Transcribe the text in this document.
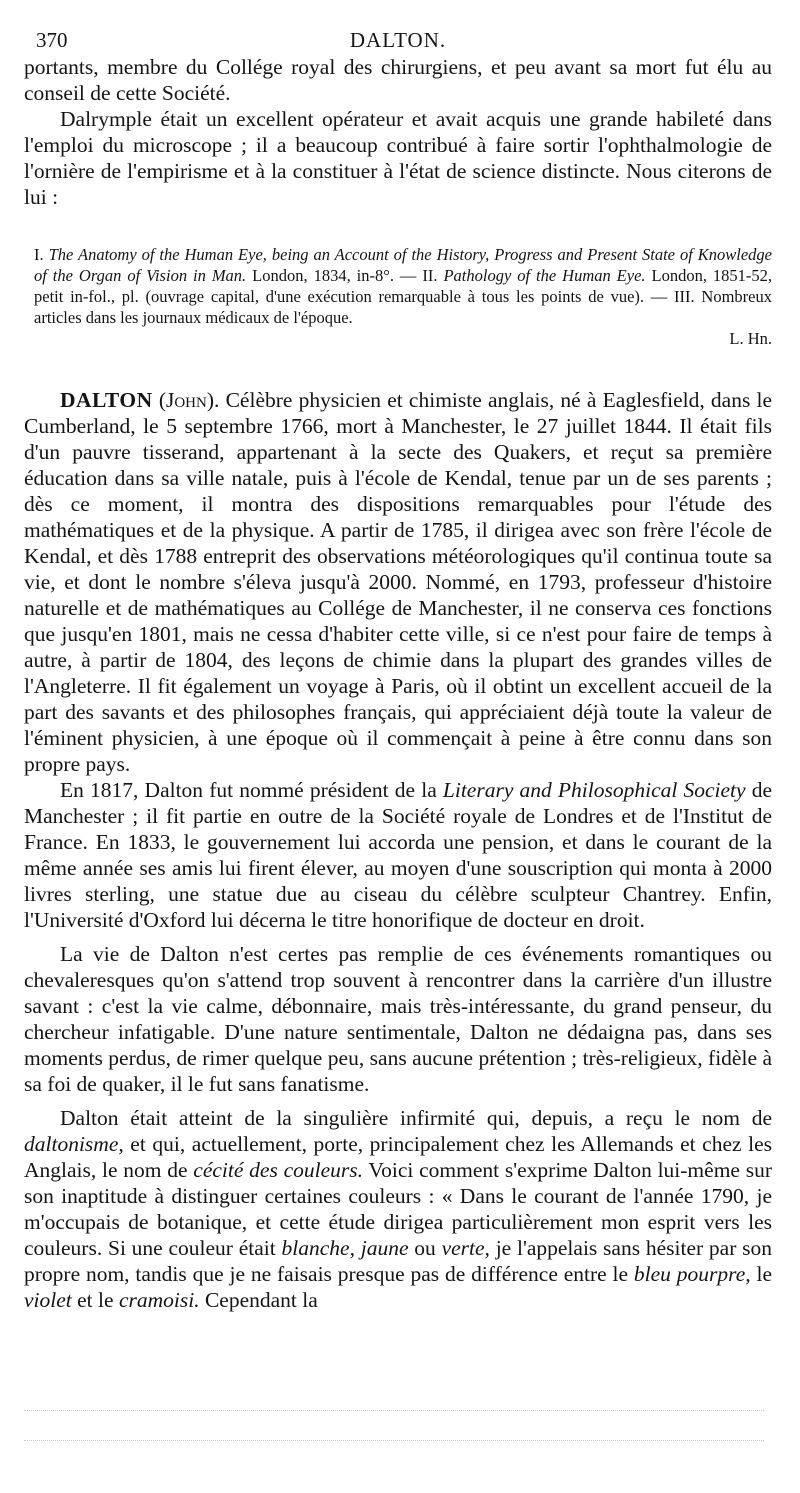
370	DALTON.

portants, membre du Collége royal des chirurgiens, et peu avant sa mort fut élu au conseil de cette Société.

Dalrymple était un excellent opérateur et avait acquis une grande habileté dans l'emploi du microscope ; il a beaucoup contribué à faire sortir l'ophthalmologie de l'ornière de l'empirisme et à la constituer à l'état de science distincte. Nous citerons de lui :

I. The Anatomy of the Human Eye, being an Account of the History, Progress and Present State of Knowledge of the Organ of Vision in Man. London, 1834, in-8°. — II. Pathology of the Human Eye. London, 1851-52, petit in-fol., pl. (ouvrage capital, d'une exécution remarquable à tous les points de vue). — III. Nombreux articles dans les journaux médicaux de l'époque.
L. Hn.

DALTON (John). Célèbre physicien et chimiste anglais, né à Eaglesfield, dans le Cumberland, le 5 septembre 1766, mort à Manchester, le 27 juillet 1844. Il était fils d'un pauvre tisserand, appartenant à la secte des Quakers, et reçut sa première éducation dans sa ville natale, puis à l'école de Kendal, tenue par un de ses parents ; dès ce moment, il montra des dispositions remarquables pour l'étude des mathématiques et de la physique. A partir de 1785, il dirigea avec son frère l'école de Kendal, et dès 1788 entreprit des observations météorologiques qu'il continua toute sa vie, et dont le nombre s'éleva jusqu'à 2000. Nommé, en 1793, professeur d'histoire naturelle et de mathématiques au Collége de Manchester, il ne conserva ces fonctions que jusqu'en 1801, mais ne cessa d'habiter cette ville, si ce n'est pour faire de temps à autre, à partir de 1804, des leçons de chimie dans la plupart des grandes villes de l'Angleterre. Il fit également un voyage à Paris, où il obtint un excellent accueil de la part des savants et des philosophes français, qui appréciaient déjà toute la valeur de l'éminent physicien, à une époque où il commençait à peine à être connu dans son propre pays.

En 1817, Dalton fut nommé président de la Literary and Philosophical Society de Manchester ; il fit partie en outre de la Société royale de Londres et de l'Institut de France. En 1833, le gouvernement lui accorda une pension, et dans le courant de la même année ses amis lui firent élever, au moyen d'une souscription qui monta à 2000 livres sterling, une statue due au ciseau du célèbre sculpteur Chantrey. Enfin, l'Université d'Oxford lui décerna le titre honorifique de docteur en droit.

La vie de Dalton n'est certes pas remplie de ces événements romantiques ou chevaleresques qu'on s'attend trop souvent à rencontrer dans la carrière d'un illustre savant : c'est la vie calme, débonnaire, mais très-intéressante, du grand penseur, du chercheur infatigable. D'une nature sentimentale, Dalton ne dédaigna pas, dans ses moments perdus, de rimer quelque peu, sans aucune prétention ; très-religieux, fidèle à sa foi de quaker, il le fut sans fanatisme.

Dalton était atteint de la singulière infirmité qui, depuis, a reçu le nom de daltonisme, et qui, actuellement, porte, principalement chez les Allemands et chez les Anglais, le nom de cécité des couleurs. Voici comment s'exprime Dalton lui-même sur son inaptitude à distinguer certaines couleurs : « Dans le courant de l'année 1790, je m'occupais de botanique, et cette étude dirigea particulièrement mon esprit vers les couleurs. Si une couleur était blanche, jaune ou verte, je l'appelais sans hésiter par son propre nom, tandis que je ne faisais presque pas de différence entre le bleu pourpre, le violet et le cramoisi. Cependant la
